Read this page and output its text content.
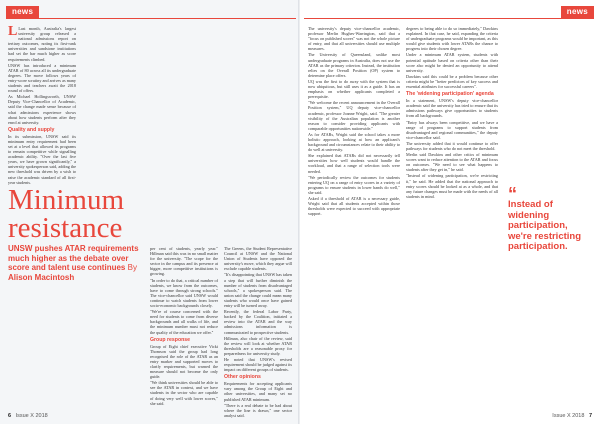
news

L Last month, Australia's largest university group released a national admissions report on tertiary outcomes, noting its first-rank universities and sandstone institutions had set the bar much higher as score requirements climbed.

UNSW has introduced a minimum ATAR of 80 across all its undergraduate degrees. The move follows years of entry-score scrutiny and arrives as many students and teachers await the 2018 round of offers.

As Michael Hollingsworth, UNSW Deputy Vice-Chancellor of Academic, said the change made sense because of what admissions experience shows about how students perform after they enrol at university.

Quality and supply

In its submission, UNSW said its minimum entry requirement had been set at a level that allowed its programs to remain competitive while signalling academic ability. "Over the last five years, we have grown significantly," a university spokesperson said, adding the new threshold was driven by a wish to raise the academic standard of all first-year students.

Minimum resistance
UNSW pushes ATAR requirements much higher as the debate over score and talent use continues By Alison Macintosh

per cent of students, yearly year." Hillman said this was in no small matter for the university. "The scope for the sector in the campus and its presence at bigger, more competitive institutions is growing.

"In order to do that, a critical number of students, we know from the outcomes, have to come through strong schools." The vice-chancellor said UNSW would continue to watch students from lower socio-economic backgrounds closely.

"We're of course concerned with the need for students to come from diverse backgrounds and all walks of life, and the minimum number must not reduce the quality of the education we offer."

Group response

Group of Eight chief executive Vicki Thomson said the group had long recognised the role of the ATAR as an entry marker and supported moves to clarify requirements, but warned the measure should not become the only guide.

"We think universities should be able to see the ATAR in context, and we have students in the sector who are capable of doing very well with lower scores," she said.

The Greens, the Student Representative Council at UNSW and the National Union of Students have opposed the university's move, which they argue will exclude capable students.

"It's disappointing that UNSW has taken a step that will further diminish the number of students from disadvantaged schools," a spokesperson said. The union said the change could mean many students who would once have gained entry will be turned away.

Recently, the federal Labor Party, backed by the Coalition, initiated a review into the ATAR and the way admissions information is communicated to prospective students.

Hillman, also chair of the review, said the review will look at whether ATAR thresholds are a reasonable proxy for preparedness for university study.

He noted that UNSW's revised requirement should be judged against its impact on different groups of students.

Other opinions

Requirements for accepting applicants vary among the Group of Eight and other universities, and many set no published ATAR minimum.

"There is a real debate to be had about where the line is drawn," one sector analyst said.

6 Issue X 2018
news

The university's deputy vice-chancellor academic, professor Merlin Hughes-Warrington, said that a "focus on published scores" was not the whole picture of entry, and that all universities should use multiple measures.

The University of Queensland, unlike most undergraduate programs in Australia, does not use the ATAR as the primary criterion. Instead, the institution relies on the Overall Position (OP) system to determine place offers.

UQ was the first to do away with the system that is now ubiquitous, but still uses it as a guide. It has an emphasis on whether applicants completed a prerequisite.

"We welcome the recent announcement in the Overall Position system," UQ deputy vice-chancellor academic, professor Joanne Wright, said. "The greater visibility of the Australian population is another reason to consider providing applicants with comparable opportunities nationwide."

As for ATARs, Wright said the school takes a more holistic approach, looking at how an applicant's background and circumstances relate to their ability to do well at university.

She explained that ATARs did not necessarily tell universities how well students would handle the workload, and that a range of selection tools were needed.

"We periodically review the outcomes for students entering UQ on a range of entry scores in a variety of programs to ensure students in lower bands do well," she said.

Asked if a threshold of ATAR is a necessary guide, Wright said that all students accepted within those thresholds were expected to succeed with appropriate support.

degrees to being able to do so immediately," Dawkins explained. In that case, he said, expanding the criteria of undergraduate programs would be important, as this would give students with lower ATARs the chance to progress into their chosen degree.

Under a minimum ATAR system, students with potential aptitude based on criteria other than their score also might be denied an opportunity to attend university.

Dawkins said this could be a problem because other criteria might be "better predictors of key success and essential attributes for successful careers".

The 'widening participation' agenda

In a statement, UNSW's deputy vice-chancellor academic said the university has tried to ensure that its admissions pathways give opportunities to students from all backgrounds.

"Entry has always been competitive, and we have a range of programs to support students from disadvantaged and regional communities," the deputy vice-chancellor said.

The university added that it would continue to offer pathways for students who do not meet the threshold.

Merlin said Dawkins and other critics of minimum scores want to reduce attention to the ATAR and focus on outcomes. "We need to see what happens to students after they get in," he said.

"Instead of widening participation, we're restricting it," he said. He added that the national approach to entry scores should be looked at as a whole, and that any future changes must be made with the needs of all students in mind.	“
Instead of widening participation, we're restricting participation.
Issue X 2018 7
